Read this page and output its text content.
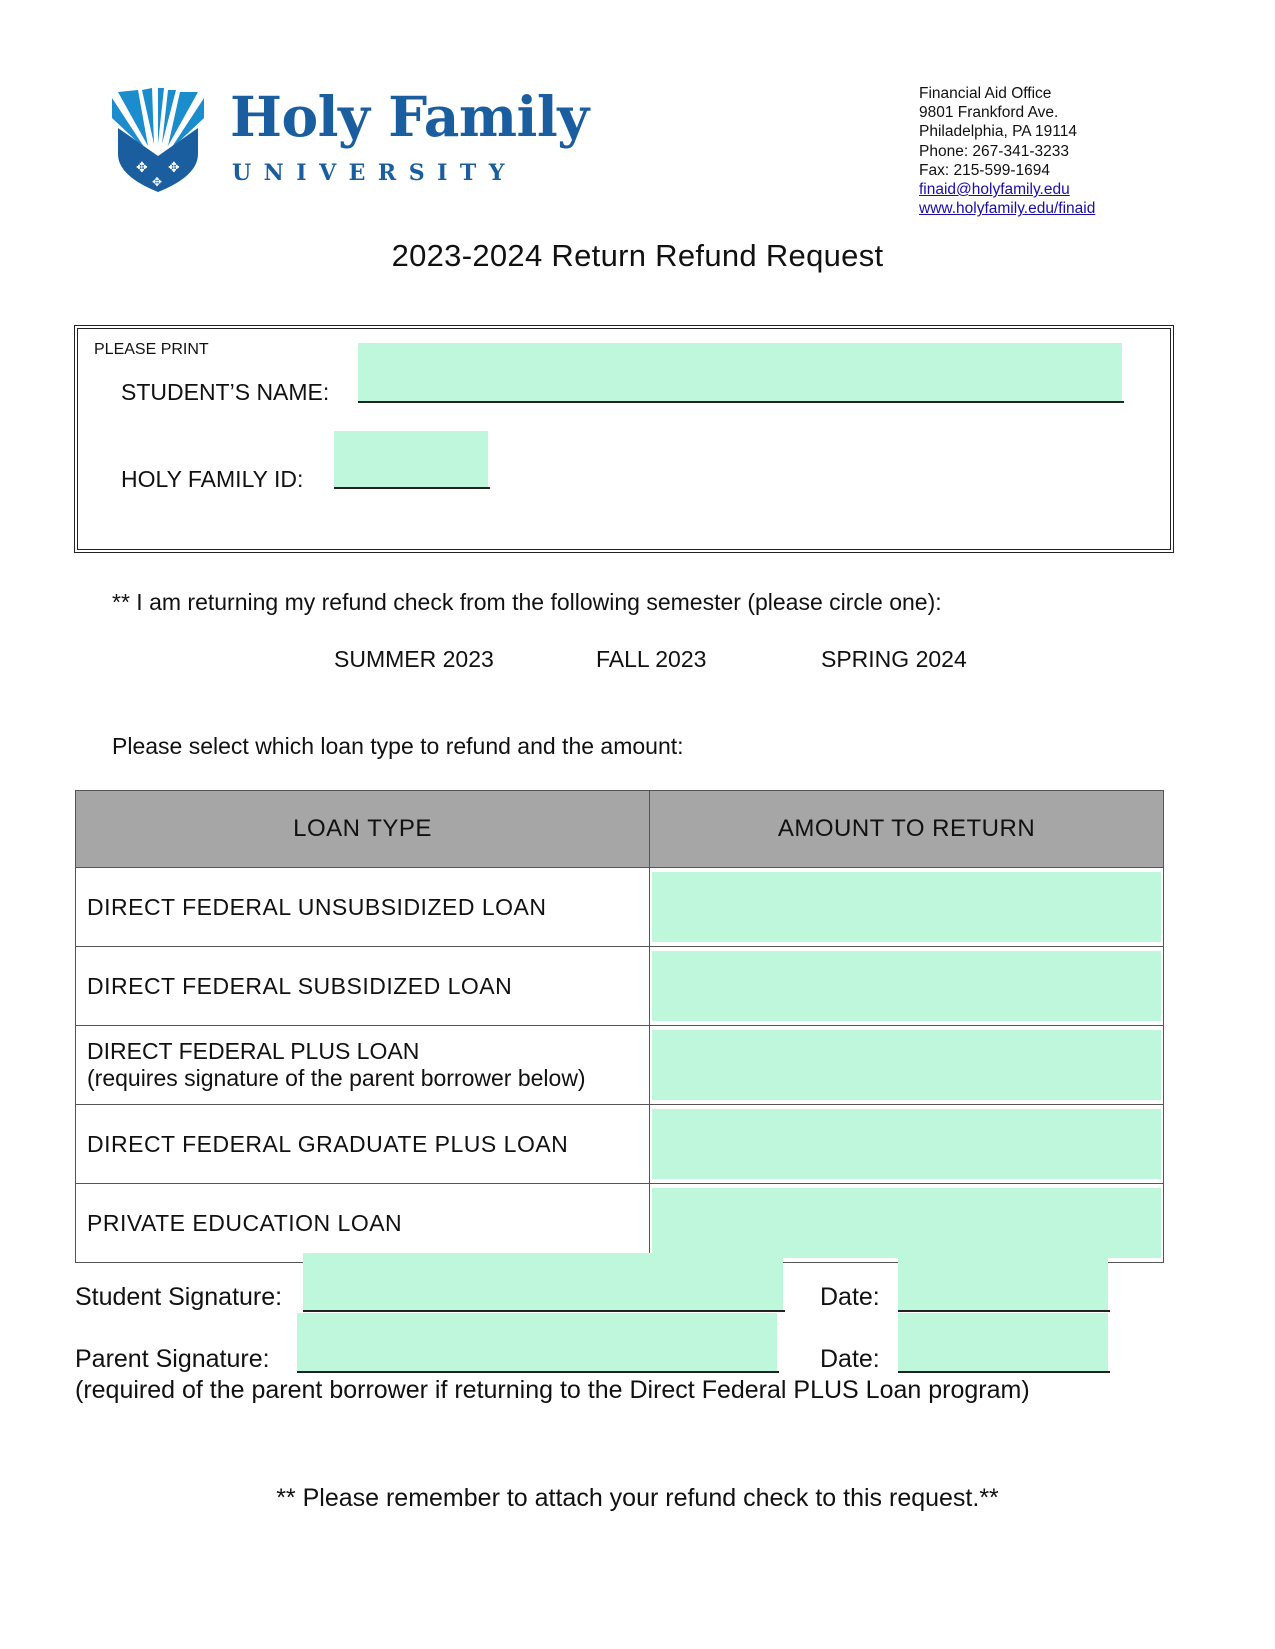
✥ ✥
✥
Holy Family
UNIVERSITY
Financial Aid Office
9801 Frankford Ave.
Philadelphia, PA 19114
Phone: 267-341-3233
Fax: 215-599-1694
finaid@holyfamily.edu
www.holyfamily.edu/finaid
2023-2024 Return Refund Request
PLEASE PRINT
STUDENT’S NAME:
HOLY FAMILY ID:
** I am returning my refund check from the following semester (please circle one):
SUMMER 2023	FALL 2023	SPRING 2024
Please select which loan type to refund and the amount:
LOAN TYPE	AMOUNT TO RETURN
DIRECT FEDERAL UNSUBSIDIZED LOAN	
DIRECT FEDERAL SUBSIDIZED LOAN	

DIRECT FEDERAL PLUS LOAN
(requires signature of the parent borrower below)

DIRECT FEDERAL GRADUATE PLUS LOAN	
PRIVATE EDUCATION LOAN	
Student Signature:	Date:
Parent Signature:	Date:
(required of the parent borrower if returning to the Direct Federal PLUS Loan program)
** Please remember to attach your refund check to this request.**
